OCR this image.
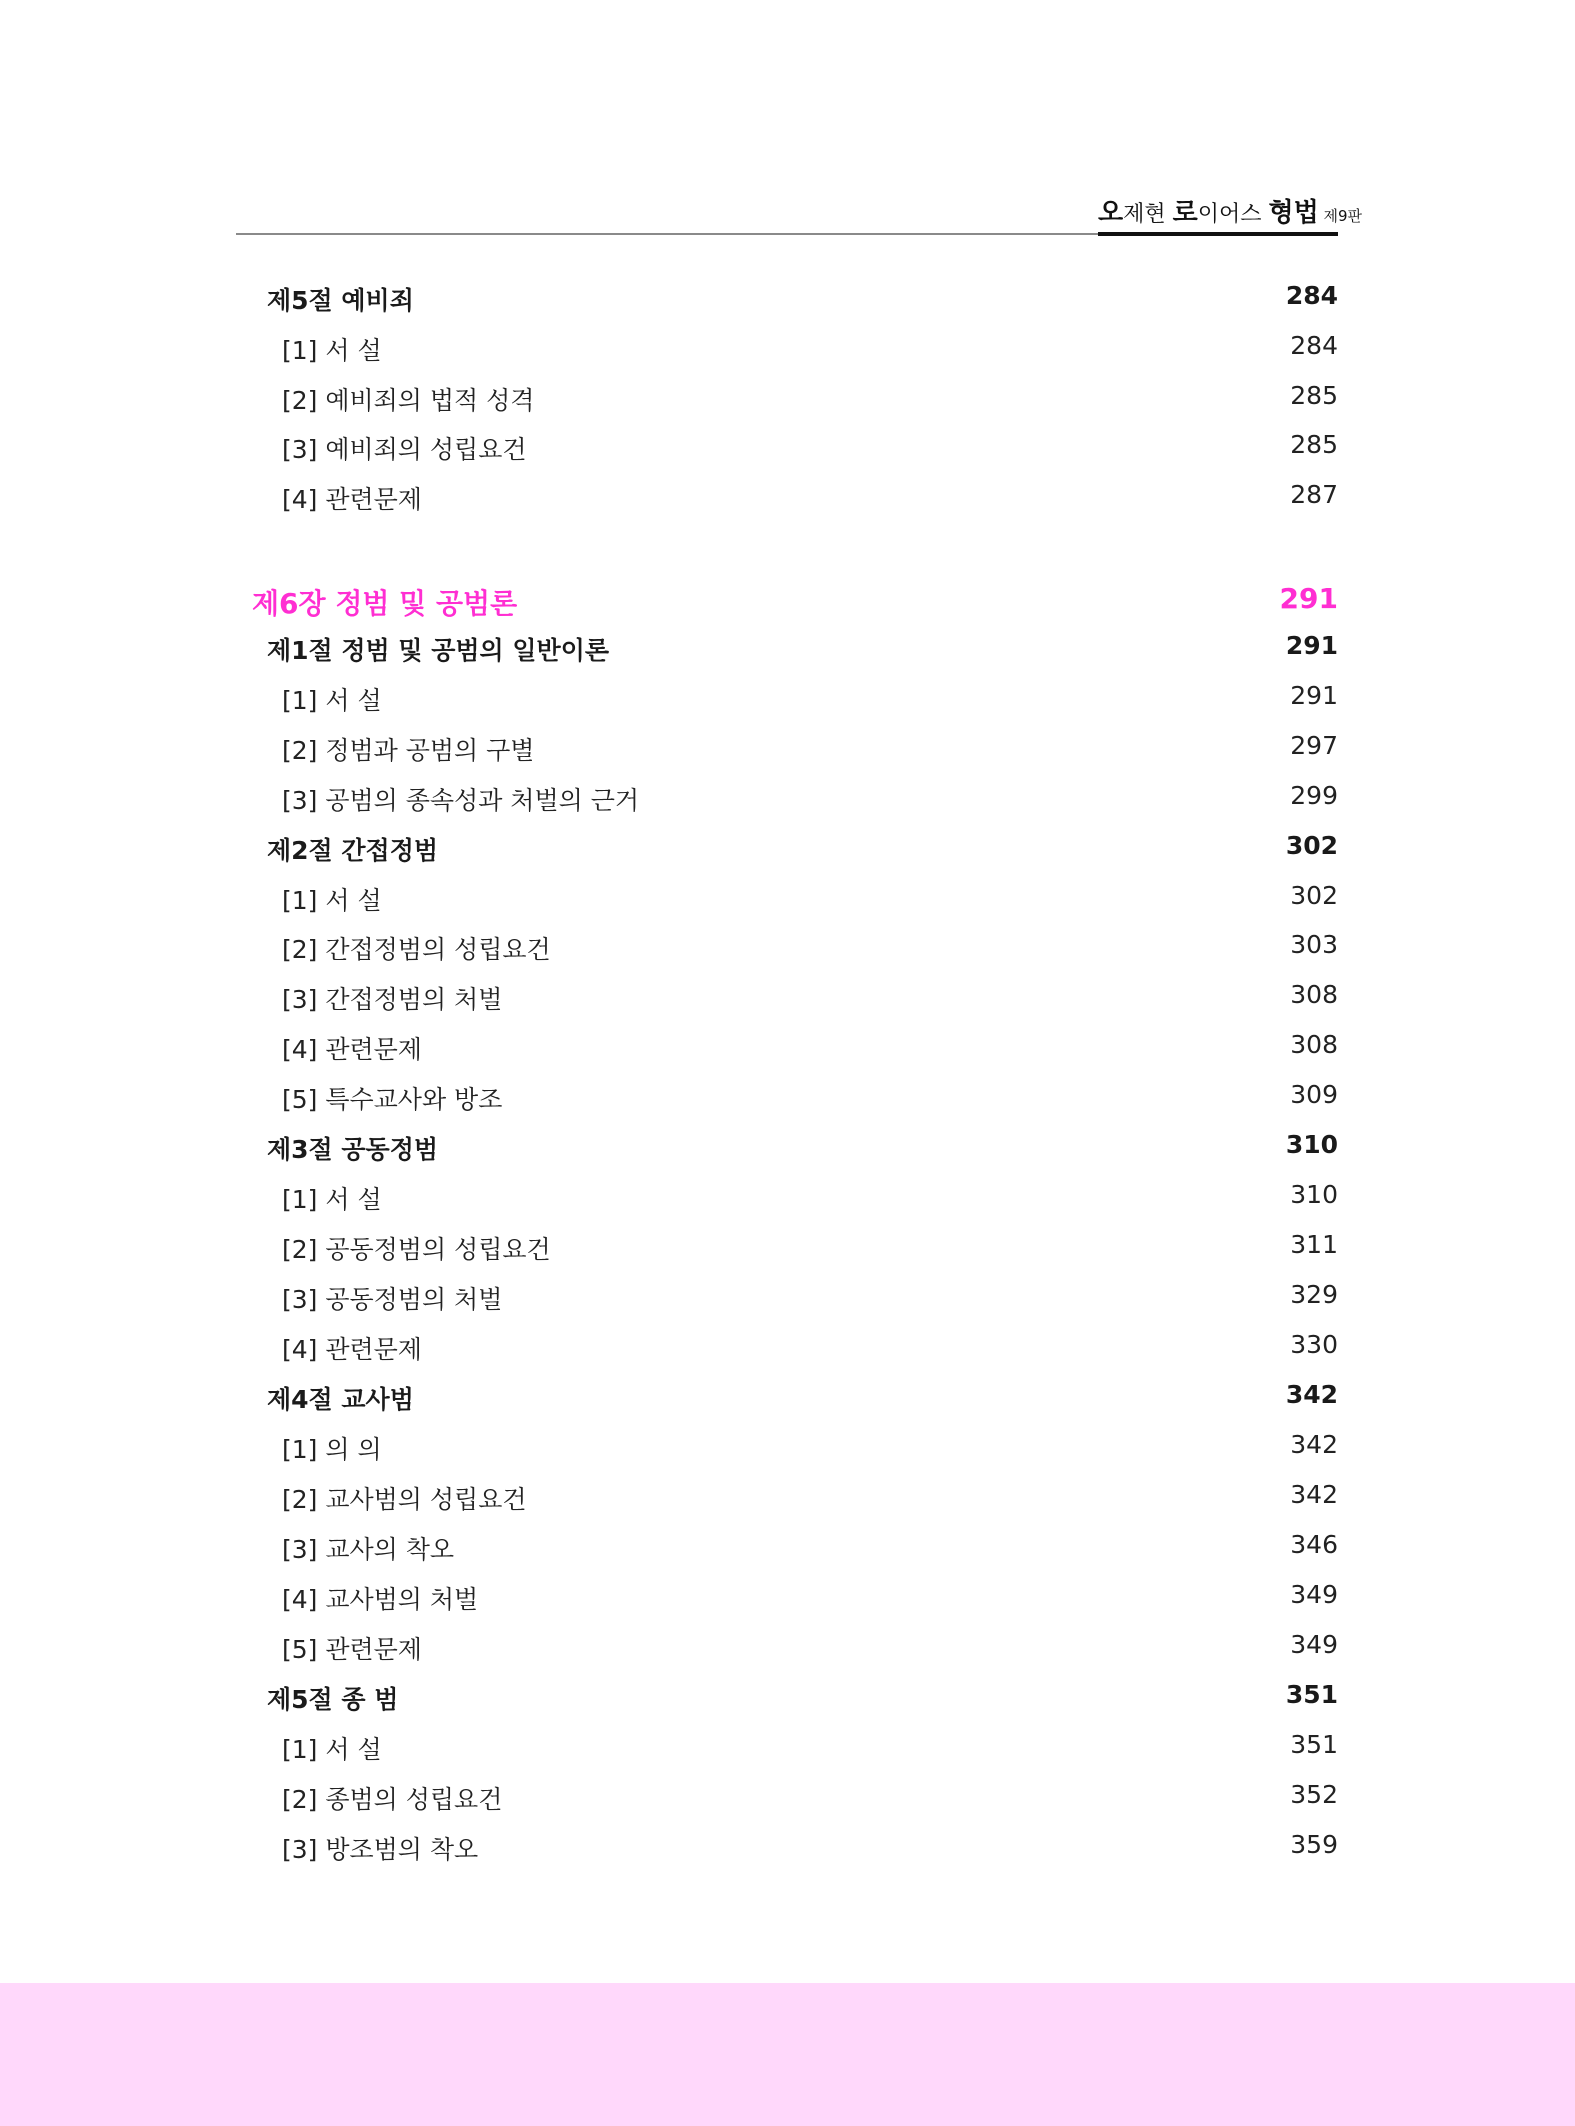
오제현 로이어스 형법 제9판
제5절 예비죄	284
[1] 서 설	284
[2] 예비죄의 법적 성격	285
[3] 예비죄의 성립요건	285
[4] 관련문제	287
제6장 정범 및 공범론	291
제1절 정범 및 공범의 일반이론	291
[1] 서 설	291
[2] 정범과 공범의 구별	297
[3] 공범의 종속성과 처벌의 근거	299
제2절 간접정범	302
[1] 서 설	302
[2] 간접정범의 성립요건	303
[3] 간접정범의 처벌	308
[4] 관련문제	308
[5] 특수교사와 방조	309
제3절 공동정범	310
[1] 서 설	310
[2] 공동정범의 성립요건	311
[3] 공동정범의 처벌	329
[4] 관련문제	330
제4절 교사범	342
[1] 의 의	342
[2] 교사범의 성립요건	342
[3] 교사의 착오	346
[4] 교사범의 처벌	349
[5] 관련문제	349
제5절 종 범	351
[1] 서 설	351
[2] 종범의 성립요건	352
[3] 방조범의 착오	359
